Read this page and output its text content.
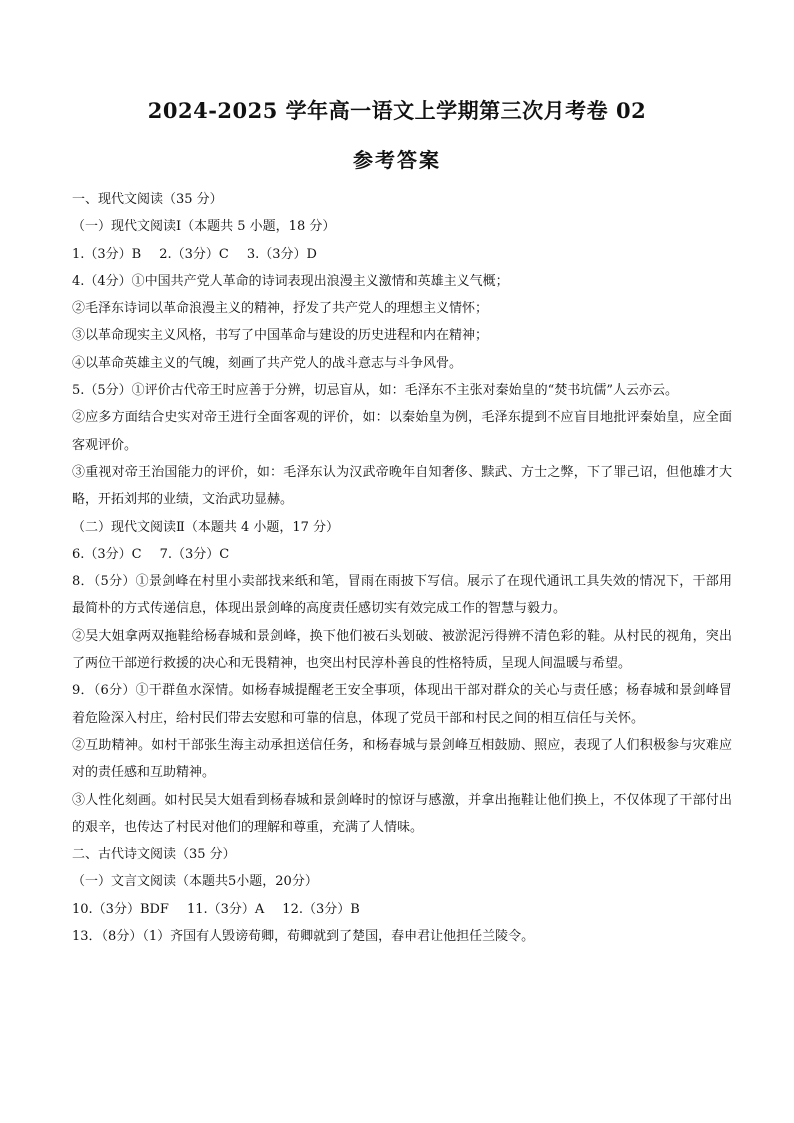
2024-2025 学年高一语文上学期第三次月考卷 02
参考答案
一、现代文阅读（35 分）
（一）现代文阅读Ⅰ（本题共 5 小题，18 分）
1.（3分）B 2.（3分）C 3.（3分）D
4.（4分）①中国共产党人革命的诗词表现出浪漫主义激情和英雄主义气概；
②毛泽东诗词以革命浪漫主义的精神，抒发了共产党人的理想主义情怀；
③以革命现实主义风格，书写了中国革命与建设的历史进程和内在精神；
④以革命英雄主义的气魄，刻画了共产党人的战斗意志与斗争风骨。
5.（5分）①评价古代帝王时应善于分辨，切忌盲从，如：毛泽东不主张对秦始皇的“焚书坑儒”人云亦云。
②应多方面结合史实对帝王进行全面客观的评价，如：以秦始皇为例，毛泽东提到不应盲目地批评秦始皇，应全面客观评价。
③重视对帝王治国能力的评价，如：毛泽东认为汉武帝晚年自知奢侈、黩武、方士之弊，下了罪己诏，但他雄才大略，开拓刘邦的业绩，文治武功显赫。
（二）现代文阅读Ⅱ（本题共 4 小题，17 分）
6.（3分）C 7.（3分）C
8．（5分）①景剑峰在村里小卖部找来纸和笔，冒雨在雨披下写信。展示了在现代通讯工具失效的情况下，干部用最简朴的方式传递信息，体现出景剑峰的高度责任感切实有效完成工作的智慧与毅力。
②吴大姐拿两双拖鞋给杨春城和景剑峰，换下他们被石头划破、被淤泥污得辨不清色彩的鞋。从村民的视角，突出了两位干部逆行救援的决心和无畏精神，也突出村民淳朴善良的性格特质，呈现人间温暖与希望。
9．（6分）①干群鱼水深情。如杨春城提醒老王安全事项，体现出干部对群众的关心与责任感；杨春城和景剑峰冒着危险深入村庄，给村民们带去安慰和可靠的信息，体现了党员干部和村民之间的相互信任与关怀。
②互助精神。如村干部张生海主动承担送信任务，和杨春城与景剑峰互相鼓励、照应，表现了人们积极参与灾难应对的责任感和互助精神。
③人性化刻画。如村民吴大姐看到杨春城和景剑峰时的惊讶与感激，并拿出拖鞋让他们换上，不仅体现了干部付出的艰辛，也传达了村民对他们的理解和尊重，充满了人情味。
二、古代诗文阅读（35 分）
（一）文言文阅读（本题共5小题，20分）
10.（3分）BDF 11.（3分）A 12.（3分）B
13．（8分）（1）齐国有人毁谤荀卿，荀卿就到了楚国，春申君让他担任兰陵令。
